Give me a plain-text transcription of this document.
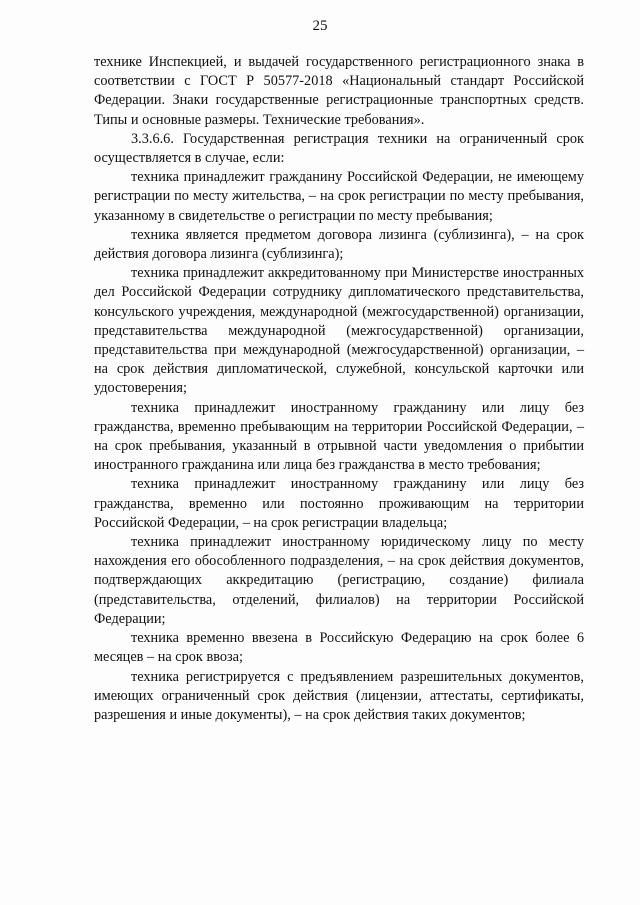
25

технике Инспекцией, и выдачей государственного регистрационного знака в соответствии с ГОСТ Р 50577-2018 «Национальный стандарт Российской Федерации. Знаки государственные регистрационные транспортных средств. Типы и основные размеры. Технические требования».

3.3.6.6. Государственная регистрация техники на ограниченный срок осуществляется в случае, если:

техника принадлежит гражданину Российской Федерации, не имеющему регистрации по месту жительства, – на срок регистрации по месту пребывания, указанному в свидетельстве о регистрации по месту пребывания;

техника является предметом договора лизинга (сублизинга), – на срок действия договора лизинга (сублизинга);

техника принадлежит аккредитованному при Министерстве иностранных дел Российской Федерации сотруднику дипломатического представительства, консульского учреждения, международной (межгосударственной) организации, представительства международной (межгосударственной) организации, представительства при международной (межгосударственной) организации, – на срок действия дипломатической, служебной, консульской карточки или удостоверения;

техника принадлежит иностранному гражданину или лицу без гражданства, временно пребывающим на территории Российской Федерации, – на срок пребывания, указанный в отрывной части уведомления о прибытии иностранного гражданина или лица без гражданства в место требования;

техника принадлежит иностранному гражданину или лицу без гражданства, временно или постоянно проживающим на территории Российской Федерации, – на срок регистрации владельца;

техника принадлежит иностранному юридическому лицу по месту нахождения его обособленного подразделения, – на срок действия документов, подтверждающих аккредитацию (регистрацию, создание) филиала (представительства, отделений, филиалов) на территории Российской Федерации;

техника временно ввезена в Российскую Федерацию на срок более 6 месяцев – на срок ввоза;

техника регистрируется с предъявлением разрешительных документов, имеющих ограниченный срок действия (лицензии, аттестаты, сертификаты, разрешения и иные документы), – на срок действия таких документов;
